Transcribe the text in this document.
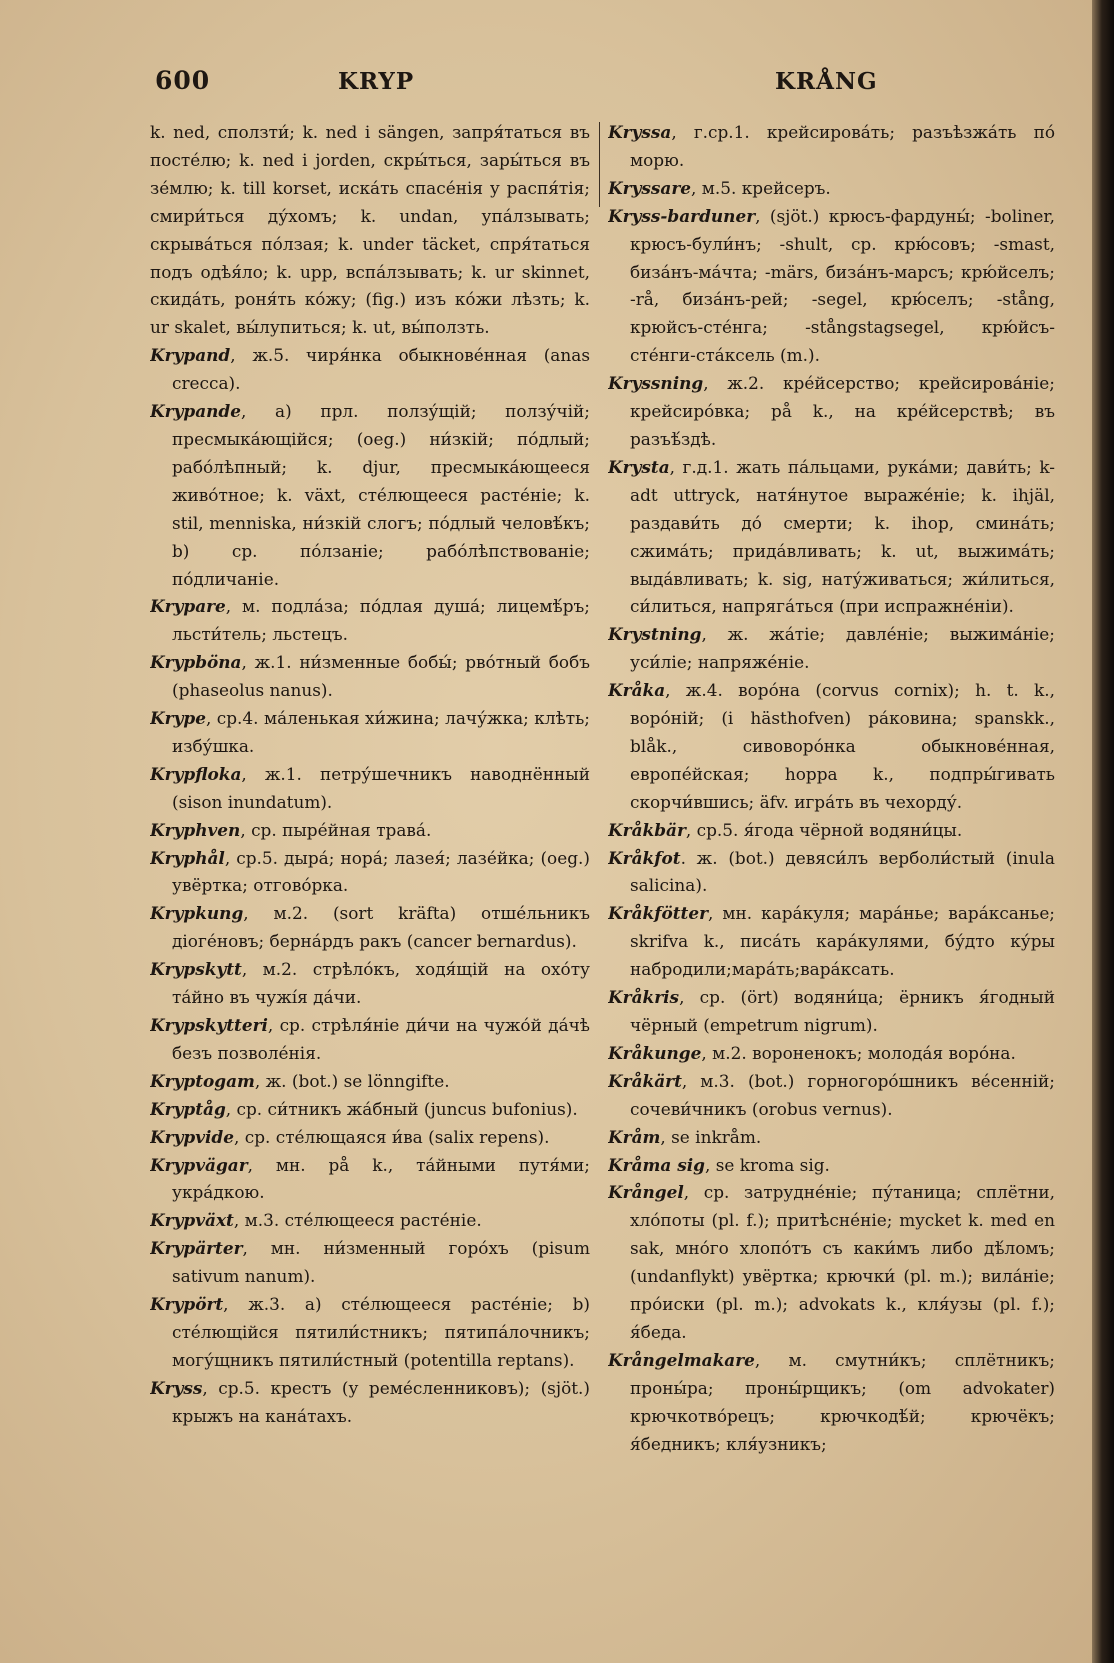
600	KRYP	KRÅNG

k. ned, сползти́; k. ned i sängen, запря́таться въ посте́лю; k. ned i jorden, скры́ться, зары́ться въ зе́млю; k. till korset, иска́ть спасе́нія у распя́тія; смири́ться ду́хомъ; k. undan, упа́лзывать; скрыва́ться по́лзая; k. under täcket, спря́таться подъ одѣя́ло; k. upp, вспа́лзывать; k. ur skinnet, скида́ть, роня́ть ко́жу; (fig.) изъ ко́жи лѣзть; k. ur skalet, вы́лупиться; k. ut, вы́ползть.

Krypand, ж.5. чиря́нка обыкнове́нная (anas crecca).

Krypande, a) прл. ползу́щій; ползу́чій; пресмыка́ющійся; (oeg.) ни́зкій; по́длый; рабо́лѣпный; k. djur, пресмыка́ющееся живо́тное; k. växt, сте́лющееся расте́ніе; k. stil, menniska, ни́зкій слогъ; по́длый человѣ́къ; b) ср. по́лзаніе; рабо́лѣпствованіе; по́дличаніе.

Kryparе, м. подла́за; по́длая душа́; лицемѣ́ръ; льсти́тель; льстецъ.

Krypböna, ж.1. ни́зменные бобы́; рво́тный бобъ (phaseolus nanus).

Krype, ср.4. ма́ленькая хи́жина; лачу́жка; клѣть; избу́шка.

Krypfloka, ж.1. петру́шечникъ наводнённый (sison inundatum).

Kryphven, ср. пыре́йная трава́.

Kryphål, ср.5. дыра́; нора́; лазея́; лазе́йка; (oeg.) увёртка; отгово́рка.

Krypkung, м.2. (sort kräfta) отше́льникъ діоге́новъ; берна́рдъ ракъ (cancer bernardus).

Krypskytt, м.2. стрѣло́къ, ходя́щій на охо́ту та́йно въ чужі́я да́чи.

Krypskytteri, ср. стрѣля́ніе ди́чи на чужо́й да́чѣ безъ позволе́нія.

Kryptogam, ж. (bot.) se lönngifte.

Kryptåg, ср. си́тникъ жа́бный (juncus bufonius).

Krypvide, ср. сте́лющаяся и́ва (salix repens).

Krypvägar, мн. på k., та́йными путя́ми; укра́дкою.

Krypväxt, м.3. сте́лющееся расте́ніе.

Krypärter, мн. ни́зменный горо́хъ (pisum sativum nanum).

Krypört, ж.3. a) сте́лющееся расте́ніе; b) сте́лющійся пятили́стникъ; пятипа́лочникъ; могу́щникъ пятили́стный (potentilla reptans).

Kryss, ср.5. крестъ (у реме́сленниковъ); (sjöt.) крыжъ на кана́тахъ.

Kryssa, г.ср.1. крейсирова́ть; разъѣзжа́ть по́ морю.

Kryssare, м.5. крейсеръ.

Kryss-bardunеr, (sjöt.) крюсъ-фардуны́; -boliner, крюсъ-були́нъ; -shult, ср. крю́совъ; -smast, биза́нъ-ма́чта; -märs, биза́нъ-марсъ; крю́йселъ; -rå, биза́нъ-рей; -segel, крю́селъ; -stång, крюйсъ-сте́нга; -stångstagsegel, крю́йсъ-сте́нги-ста́ксель (m.).

Kryssning, ж.2. кре́йсерство; крейсирова́ніе; крейсиро́вка; på k., на кре́йсерствѣ; въ разъѣ́здѣ.

Krysta, г.д.1. жать па́льцами, рука́ми; дави́ть; k-adt uttryck, натя́нутое выраже́ніе; k. ihjäl, раздави́ть до́ смерти; k. ihop, смина́ть; сжима́ть; прида́вливать; k. ut, выжима́ть; выда́вливать; k. sig, нату́живаться; жи́литься, си́литься, напряга́ться (при испражне́ніи).

Krystning, ж. жа́тіе; давле́ніе; выжима́ніе; уси́ліе; напряже́ніе.

Kråka, ж.4. воро́на (corvus cornix); h. t. k., воро́ній; (i hästhofven) ра́ковина; spanskk., blåk., сивоворо́нка обыкнове́нная, европе́йская; hoppa k., подпры́гивать скорчи́вшись; äfv. игра́ть въ чехорду́.

Kråkbär, ср.5. я́года чёрной водяни́цы.

Kråkfot. ж. (bot.) девяси́лъ верболи́стый (inula salicina).

Kråkfötter, мн. кара́куля; мара́нье; вара́ксанье; skrifva k., писа́ть кара́кулями, бу́дто ку́ры набродили;мара́ть;вара́ксать.

Kråkris, ср. (ört) водяни́ца; ёрникъ я́годный чёрный (empetrum nigrum).

Kråkunge, м.2. вороненокъ; молода́я воро́на.

Kråkärt, м.3. (bot.) горногоро́шникъ ве́сенній; сочеви́чникъ (orobus vernus).

Kråm, se inkråm.

Kråma sig, se kroma sig.

Krångel, ср. затрудне́ніе; пу́таница; сплётни, хло́поты (pl. f.); притѣсне́ніе; myckеt k. med en sak, мно́го хлопо́тъ съ каки́мъ либо дѣ́ломъ; (undanflykt) увёртка; крючки́ (pl. m.); вила́ніе; про́иски (pl. m.); advokats k., кля́узы (pl. f.); я́беда.

Krångelmakare, м. смутни́къ; сплётникъ; проны́ра; проны́рщикъ; (om advokater) крючкотво́рецъ; крючкодѣ́й; крючёкъ; я́бедникъ; кля́узникъ;
